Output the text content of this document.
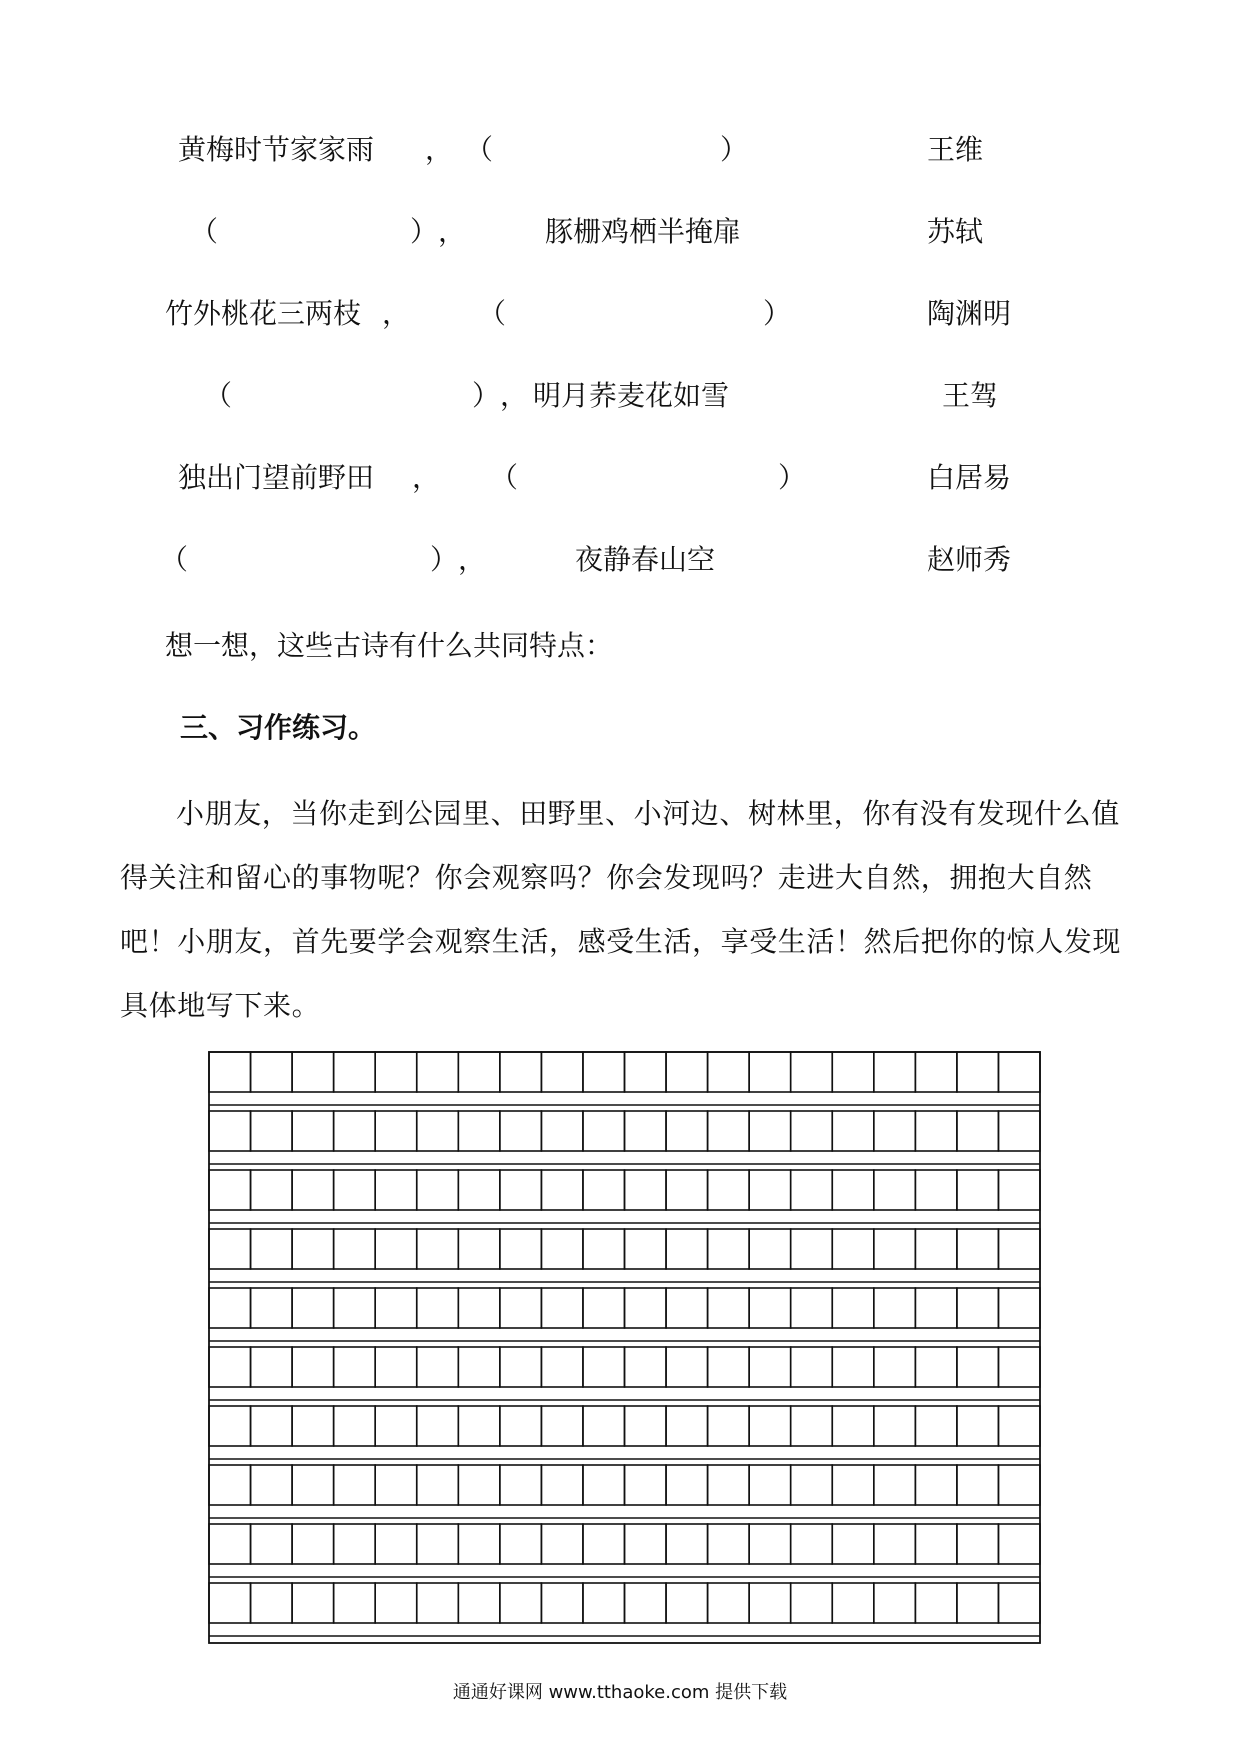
黄梅时节家家雨 ， （	）	王维
（	） ，	豚栅鸡栖半掩扉	苏轼
竹外桃花三两枝 ， （	）	陶渊明
（	） ， 明月荞麦花如雪	王驾
独出门望前野田 ， （	）	白居易
（	） ，	夜静春山空	赵师秀
想一想，这些古诗有什么共同特点：
三、习作练习。

小朋友，当你走到公园里、田野里、小河边、树林里，你有没有发现什么值得关注和留心的事物呢？你会观察吗？你会发现吗？走进大自然，拥抱大自然吧！小朋友，首先要学会观察生活，感受生活，享受生活！然后把你的惊人发现具体地写下来。

通通好课网 www.tthaoke.com 提供下载
